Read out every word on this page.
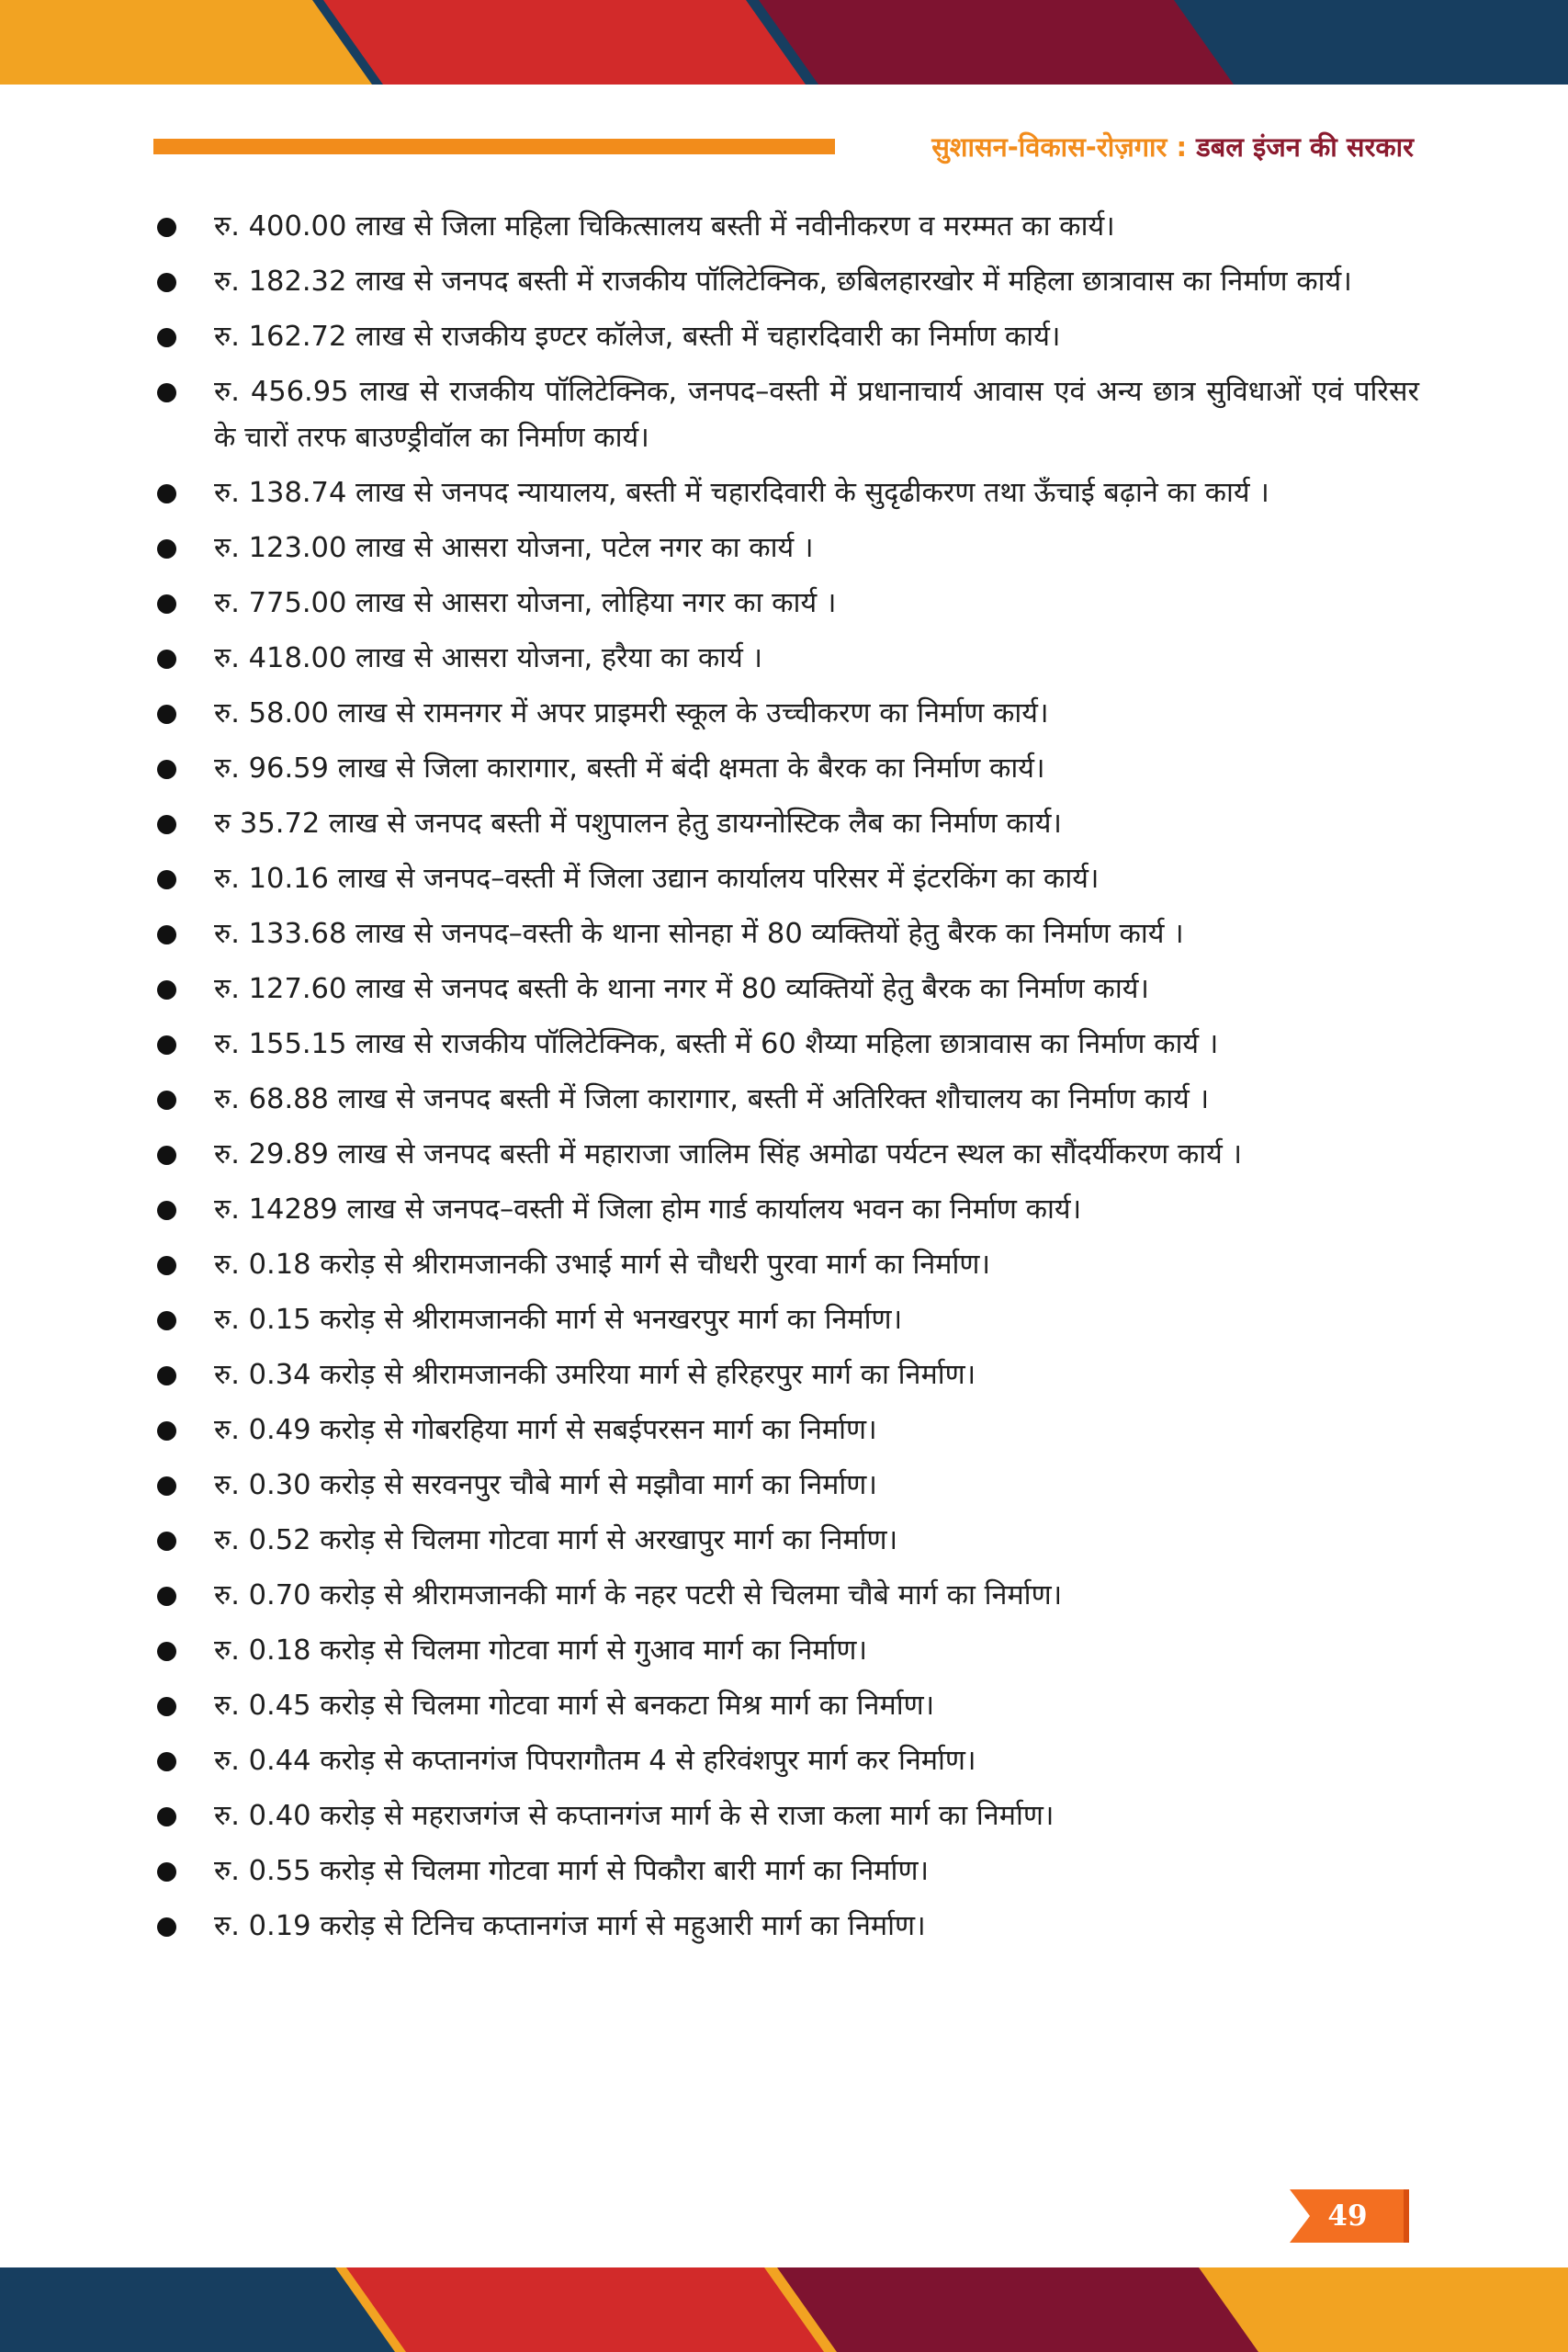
सुशासन-विकास-रोज़गार : डबल इंजन की सरकार
रु. 400.00 लाख से जिला महिला चिकित्सालय बस्ती में नवीनीकरण व मरम्मत का कार्य।
रु. 182.32 लाख से जनपद बस्ती में राजकीय पॉलिटेक्निक, छबिलहारखोर में महिला छात्रावास का निर्माण कार्य।
रु. 162.72 लाख से राजकीय इण्टर कॉलेज, बस्ती में चहारदिवारी का निर्माण कार्य।
रु. 456.95 लाख से राजकीय पॉलिटेक्निक, जनपद–वस्ती में प्रधानाचार्य आवास एवं अन्य छात्र सुविधाओं एवं परिसर के चारों तरफ बाउण्ड्रीवॉल का निर्माण कार्य।
रु. 138.74 लाख से जनपद न्यायालय, बस्ती में चहारदिवारी के सुदृढीकरण तथा ऊँचाई बढ़ाने का कार्य ।
रु. 123.00 लाख से आसरा योजना, पटेल नगर का कार्य ।
रु. 775.00 लाख से आसरा योजना, लोहिया नगर का कार्य ।
रु. 418.00 लाख से आसरा योजना, हरैया का कार्य ।
रु. 58.00 लाख से रामनगर में अपर प्राइमरी स्कूल के उच्चीकरण का निर्माण कार्य।
रु. 96.59 लाख से जिला कारागार, बस्ती में बंदी क्षमता के बैरक का निर्माण कार्य।
रु 35.72 लाख से जनपद बस्ती में पशुपालन हेतु डायग्नोस्टिक लैब का निर्माण कार्य।
रु. 10.16 लाख से जनपद–वस्ती में जिला उद्यान कार्यालय परिसर में इंटरकिंग का कार्य।
रु. 133.68 लाख से जनपद–वस्ती के थाना सोनहा में 80 व्यक्तियों हेतु बैरक का निर्माण कार्य ।
रु. 127.60 लाख से जनपद बस्ती के थाना नगर में 80 व्यक्तियों हेतु बैरक का निर्माण कार्य।
रु. 155.15 लाख से राजकीय पॉलिटेक्निक, बस्ती में 60 शैय्या महिला छात्रावास का निर्माण कार्य ।
रु. 68.88 लाख से जनपद बस्ती में जिला कारागार, बस्ती में अतिरिक्त शौचालय का निर्माण कार्य ।
रु. 29.89 लाख से जनपद बस्ती में महाराजा जालिम सिंह अमोढा पर्यटन स्थल का सौंदर्यीकरण कार्य ।
रु. 14289 लाख से जनपद–वस्ती में जिला होम गार्ड कार्यालय भवन का निर्माण कार्य।
रु. 0.18 करोड़ से श्रीरामजानकी उभाई मार्ग से चौधरी पुरवा मार्ग का निर्माण।
रु. 0.15 करोड़ से श्रीरामजानकी मार्ग से भनखरपुर मार्ग का निर्माण।
रु. 0.34 करोड़ से श्रीरामजानकी उमरिया मार्ग से हरिहरपुर मार्ग का निर्माण।
रु. 0.49 करोड़ से गोबरहिया मार्ग से सबईपरसन मार्ग का निर्माण।
रु. 0.30 करोड़ से सरवनपुर चौबे मार्ग से मझौवा मार्ग का निर्माण।
रु. 0.52 करोड़ से चिलमा गोटवा मार्ग से अरखापुर मार्ग का निर्माण।
रु. 0.70 करोड़ से श्रीरामजानकी मार्ग के नहर पटरी से चिलमा चौबे मार्ग का निर्माण।
रु. 0.18 करोड़ से चिलमा गोटवा मार्ग से गुआव मार्ग का निर्माण।
रु. 0.45 करोड़ से चिलमा गोटवा मार्ग से बनकटा मिश्र मार्ग का निर्माण।
रु. 0.44 करोड़ से कप्तानगंज पिपरागौतम 4 से हरिवंशपुर मार्ग कर निर्माण।
रु. 0.40 करोड़ से महराजगंज से कप्तानगंज मार्ग के से राजा कला मार्ग का निर्माण।
रु. 0.55 करोड़ से चिलमा गोटवा मार्ग से पिकौरा बारी मार्ग का निर्माण।
रु. 0.19 करोड़ से टिनिच कप्तानगंज मार्ग से महुआरी मार्ग का निर्माण।
49
